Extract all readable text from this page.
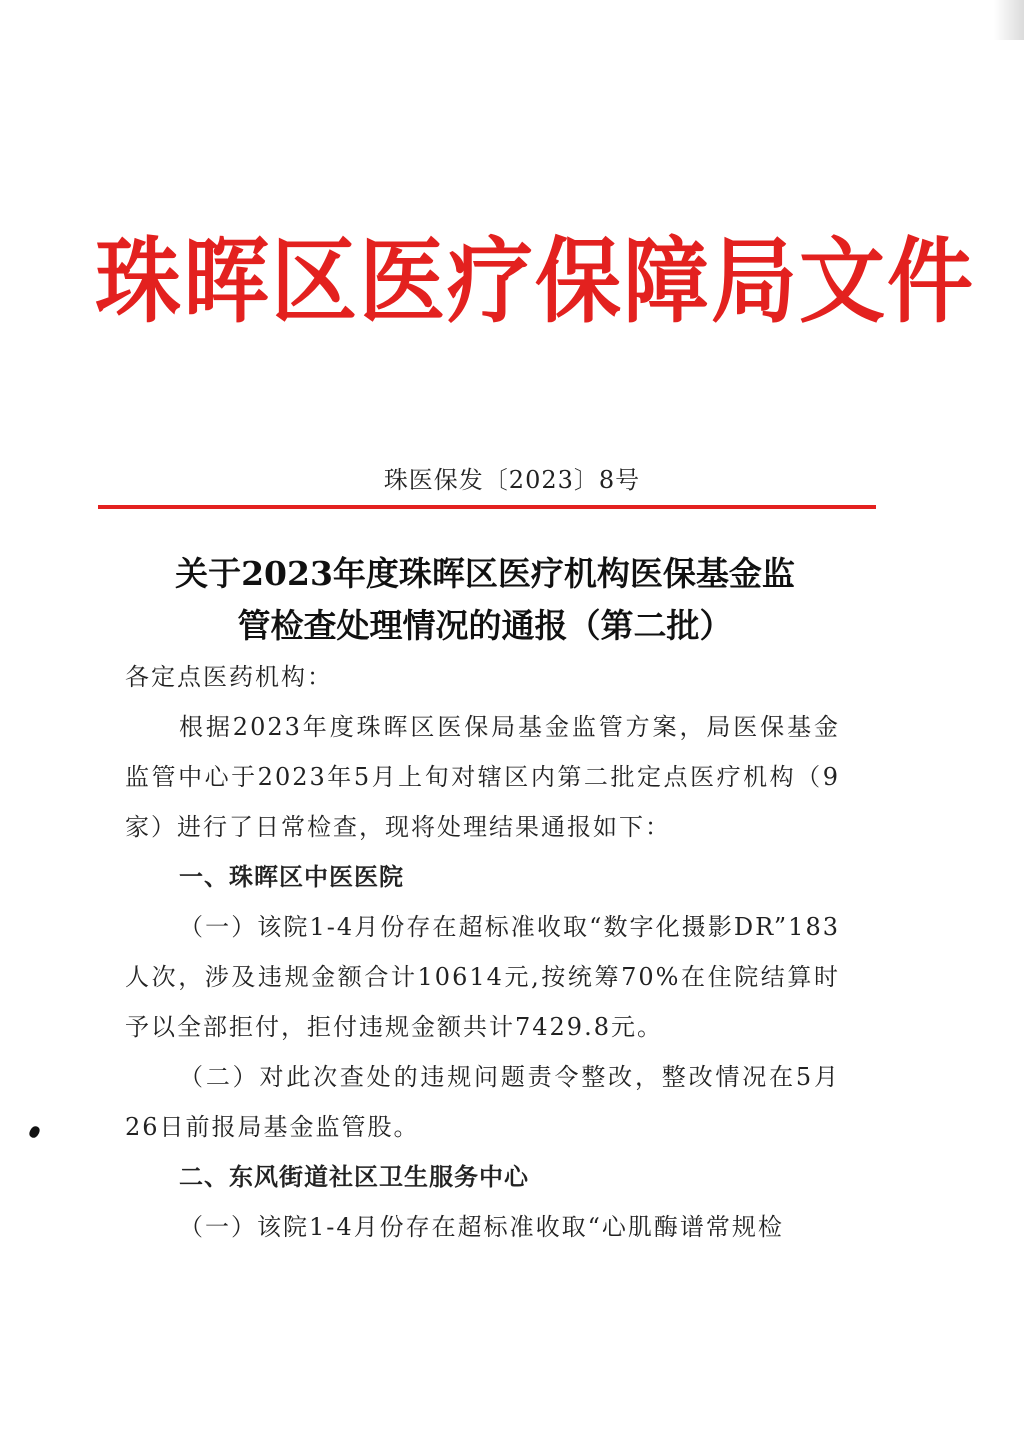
珠晖区医疗保障局文件
珠医保发〔2023〕8号
关于2023年度珠晖区医疗机构医保基金监
管检查处理情况的通报（第二批）

各定点医药机构：

根据2023年度珠晖区医保局基金监管方案，局医保基金监管中心于2023年5月上旬对辖区内第二批定点医疗机构（9家）进行了日常检查，现将处理结果通报如下：

一、珠晖区中医医院

（一）该院1-4月份存在超标准收取“数字化摄影DR”183人次，涉及违规金额合计10614元,按统筹70%在住院结算时予以全部拒付，拒付违规金额共计7429.8元。

（二）对此次查处的违规问题责令整改，整改情况在5月26日前报局基金监管股。

二、东风街道社区卫生服务中心

（一）该院1-4月份存在超标准收取“心肌酶谱常规检
